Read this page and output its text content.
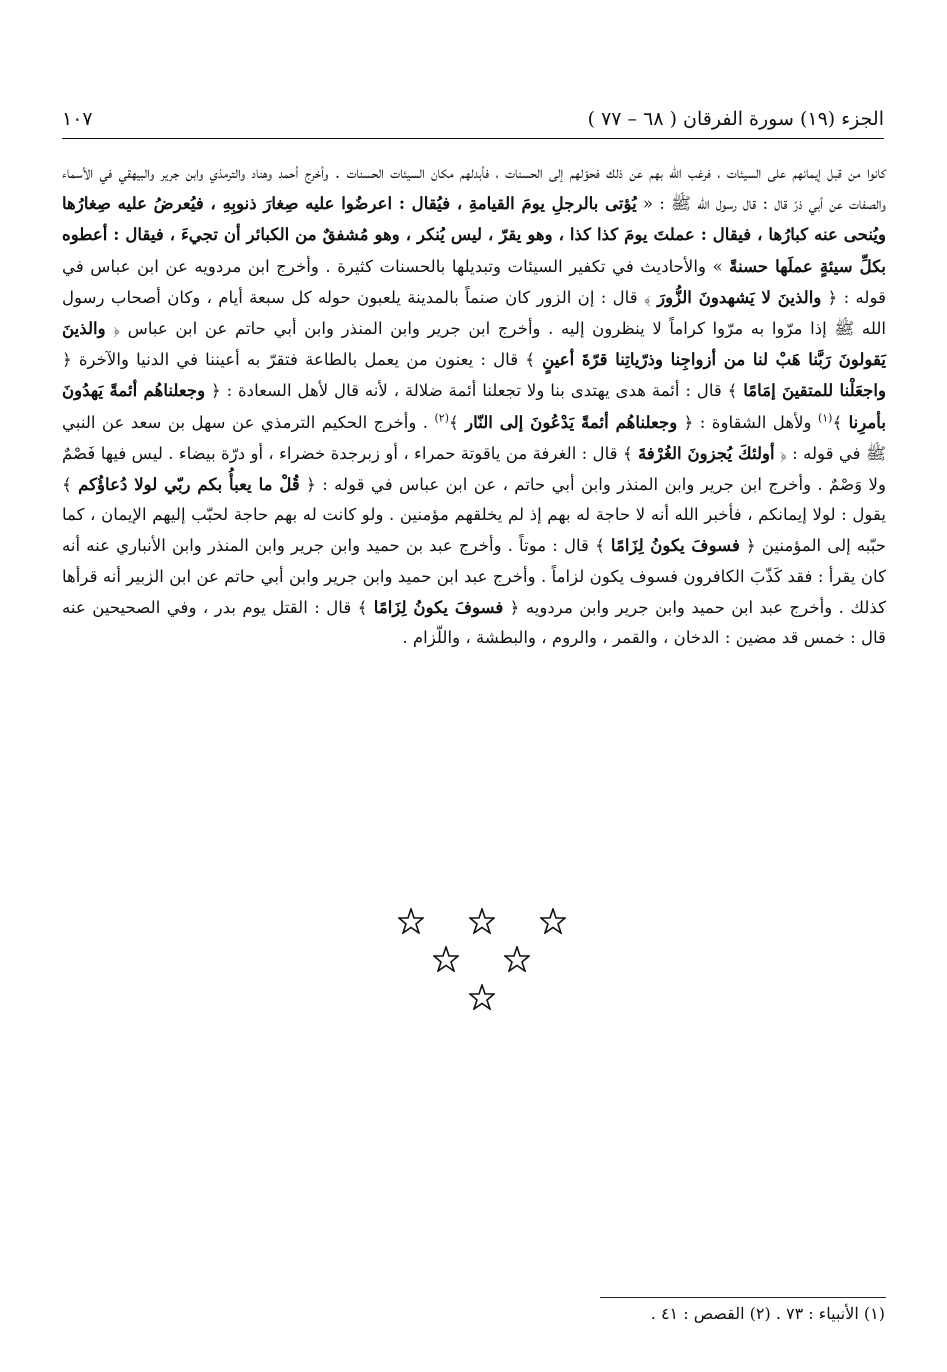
الجزء (١٩) سورة الفرقان ( ٦٨ – ٧٧ )
١٠٧

كانوا من قبل إيمانهم على السيئات ، فرغب الله بهم عن ذلك فحوّلهم إلى الحسنات ، فأبدلهم مكان السيئات الحسنات . وأخرج أحمد وهناد والترمذي وابن جرير والبيهقي في الأسماء والصفات عن أبي ذرّ قال : قال رسول الله ﷺ : « يُؤتى بالرجلِ يومَ القيامةِ ، فيُقال : اعرضُوا عليه صِغارَ ذنوبِهِ ، فيُعرضُ عليه صِغارُها ويُنحى عنه كبارُها ، فيقال : عملتَ يومَ كذا كذا ، وهو يقرّ ، ليس يُنكر ، وهو مُشفقٌ من الكبائر أن تجيءَ ، فيقال : أعطوه بكلِّ سيئةٍ عملَها حسنةً » والأحاديث في تكفير السيئات وتبديلها بالحسنات كثيرة . وأخرج ابن مردويه عن ابن عباس في قوله : ﴿ والذينَ لا يَشهدونَ الزُّورَ ﴾ قال : إن الزور كان صنماً بالمدينة يلعبون حوله كل سبعة أيام ، وكان أصحاب رسول الله ﷺ إذا مرّوا به مرّوا كراماً لا ينظرون إليه . وأخرج ابن جرير وابن المنذر وابن أبي حاتم عن ابن عباس ﴿ والذينَ يَقولونَ رَبَّنا هَبْ لنا من أزواجِنا وذرّياتِنا قرّةَ أعينٍ ﴾ قال : يعنون من يعمل بالطاعة فتقرّ به أعيننا في الدنيا والآخرة ﴿ واجعَلْنا للمتقينَ إمَامًا ﴾ قال : أئمة هدى يهتدى بنا ولا تجعلنا أئمة ضلالة ، لأنه قال لأهل السعادة : ﴿ وجعلناهُم أئمةً يَهدُونَ بأمرِنا ﴾$^{(١)}$ ولأهل الشقاوة : ﴿ وجعلناهُم أئمةً يَدْعُونَ إلى النّار ﴾$^{(٢)}$ . وأخرج الحكيم الترمذي عن سهل بن سعد عن النبي ﷺ في قوله : ﴿ أولئكَ يُجزونَ الغُرْفةَ ﴾ قال : الغرفة من ياقوتة حمراء ، أو زبرجدة خضراء ، أو درّة بيضاء . ليس فيها فَصْمٌ ولا وَصْمٌ . وأخرج ابن جرير وابن المنذر وابن أبي حاتم ، عن ابن عباس في قوله : ﴿ قُلْ ما يعبأُ بكم ربّي لولا دُعاؤُكم ﴾ يقول : لولا إيمانكم ، فأخبر الله أنه لا حاجة له بهم إذ لم يخلقهم مؤمنين . ولو كانت له بهم حاجة لحبّب إليهم الإيمان ، كما حبّبه إلى المؤمنين ﴿ فسوفَ يكونُ لِزَامًا ﴾ قال : موتاً . وأخرج عبد بن حميد وابن جرير وابن المنذر وابن الأنباري عنه أنه كان يقرأ : فقد كَذّبَ الكافرون فسوف يكون لزاماً . وأخرج عبد ابن حميد وابن جرير وابن أبي حاتم عن ابن الزبير أنه قرأها كذلك . وأخرج عبد ابن حميد وابن جرير وابن مردويه ﴿ فسوفَ يكونُ لِزَامًا ﴾ قال : القتل يوم بدر ، وفي الصحيحين عنه قال : خمس قد مضين : الدخان ، والقمر ، والروم ، والبطشة ، واللّزام .

(١) الأنبياء : ٧٣ . (٢) القصص : ٤١ .
